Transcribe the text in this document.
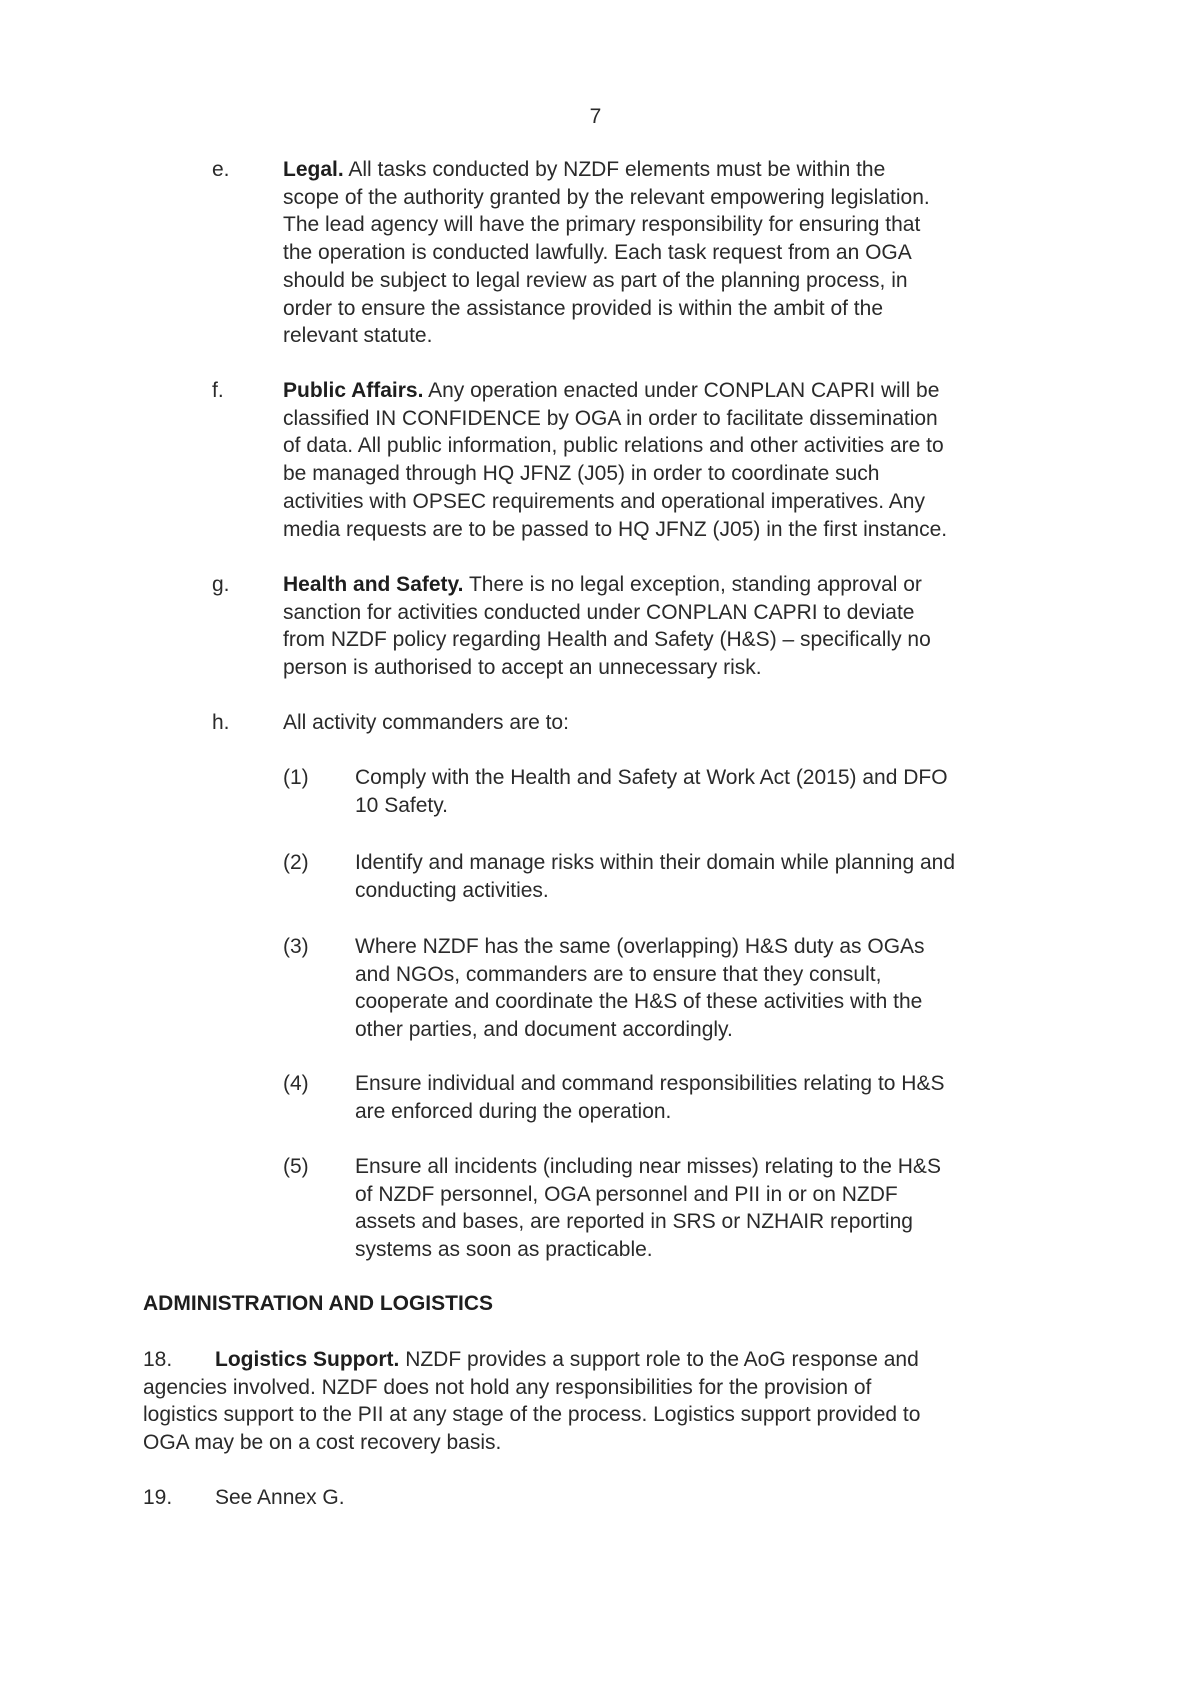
7
e.	Legal. All tasks conducted by NZDF elements must be within the
scope of the authority granted by the relevant empowering legislation.
The lead agency will have the primary responsibility for ensuring that
the operation is conducted lawfully. Each task request from an OGA
should be subject to legal review as part of the planning process, in
order to ensure the assistance provided is within the ambit of the
relevant statute.
f.	Public Affairs. Any operation enacted under CONPLAN CAPRI will be
classified IN CONFIDENCE by OGA in order to facilitate dissemination
of data. All public information, public relations and other activities are to
be managed through HQ JFNZ (J05) in order to coordinate such
activities with OPSEC requirements and operational imperatives. Any
media requests are to be passed to HQ JFNZ (J05) in the first instance.
g.	Health and Safety. There is no legal exception, standing approval or
sanction for activities conducted under CONPLAN CAPRI to deviate
from NZDF policy regarding Health and Safety (H&S) – specifically no
person is authorised to accept an unnecessary risk.
h.	All activity commanders are to:
(1) Comply with the Health and Safety at Work Act (2015) and DFO
10 Safety.
(2) Identify and manage risks within their domain while planning and
conducting activities.
(3) Where NZDF has the same (overlapping) H&S duty as OGAs
and NGOs, commanders are to ensure that they consult,
cooperate and coordinate the H&S of these activities with the
other parties, and document accordingly.
(4) Ensure individual and command responsibilities relating to H&S
are enforced during the operation.
(5) Ensure all incidents (including near misses) relating to the H&S
of NZDF personnel, OGA personnel and PII in or on NZDF
assets and bases, are reported in SRS or NZHAIR reporting
systems as soon as practicable.
ADMINISTRATION AND LOGISTICS
18. Logistics Support. NZDF provides a support role to the AoG response and
agencies involved. NZDF does not hold any responsibilities for the provision of
logistics support to the PII at any stage of the process. Logistics support provided to
OGA may be on a cost recovery basis.
19. See Annex G.
